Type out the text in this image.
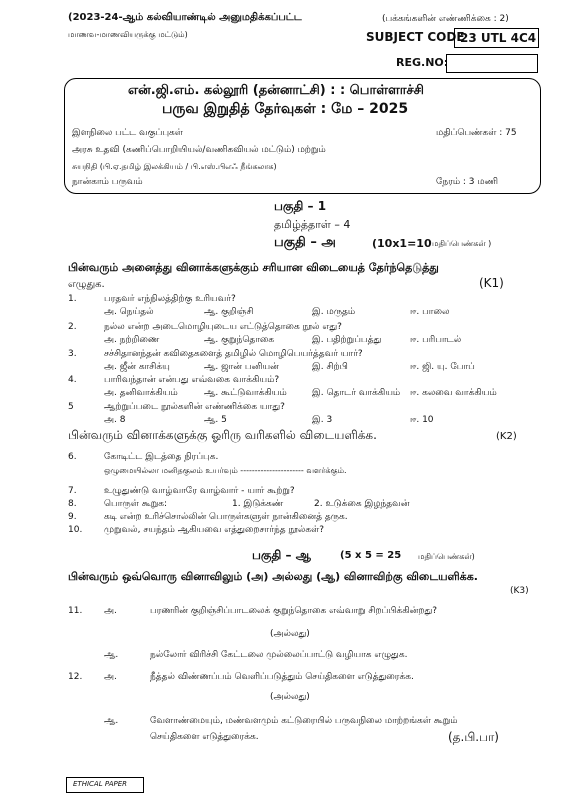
(2023-24-ஆம் கல்வியாண்டில் அனுமதிக்கப்பட்ட
மாணவ-மாணவியருக்கு மட்டும்)
(பக்கங்களின் எண்ணிக்கை : 2)
SUBJECT CODE
23 UTL 4C4
REG.NO:
என்.ஜி.எம். கல்லூரி (தன்னாட்சி) : : பொள்ளாச்சி
பருவ இறுதித் தேர்வுகள் : மே – 2025
இளநிலை பட்ட வகுப்புகள்	மதிப்பெண்கள் : 75
அரசு உதவி (கணிப்பொறியியல்/வணிகவியல் மட்டும்) மற்றும்
சுயநிதி (பி.ஏ.தமிழ் இலக்கியம் / பி.எஸ்.பிஎஃ நீங்கலாக)
நான்காம் பருவம்	நேரம் : 3 மணி
பகுதி – 1
தமிழ்த்தாள் – 4
பகுதி – அ	(10x1=10 மதிப்பெண்கள் )
பின்வரும் அனைத்து வினாக்களுக்கும் சரியான விடையைத் தேர்ந்தெடுத்து
எழுதுக.	(K1)
1.	பரதவர் எந்நிலத்திற்கு உரியவர்?
அ. நெய்தல்	ஆ. குறிஞ்சி	இ. மருதம்	ஈ. பாலை
2.	நல்ல என்ற அடைமொழியுடைய எட்டுத்தொகை நூல் எது?
அ. நற்றிணை	ஆ. குறுந்தொகை	இ. பதிற்றுப்பத்து	ஈ. பரிபாடல்
3.	சச்சிதானந்தன் கவிதைகளைத் தமிழில் மொழிபெயர்த்தவர் யார்?
அ. ஜீன் காசிக்யு	ஆ. ஜான் பனியன்	இ. சிற்பி	ஈ. ஜி. யு. போப்
4.	பாரிவந்தான் என்பது எவ்வகை வாக்கியம்?
அ. தனிவாக்கியம்	ஆ. கூட்டுவாக்கியம்	இ. தொடர் வாக்கியம் ஈ. கலவை வாக்கியம்
5	ஆற்றுப்படை நூல்களின் எண்ணிக்கை யாது?
அ. 8	ஆ. 5	இ. 3	ஈ. 10
பின்வரும் வினாக்களுக்கு ஓரிரு வரிகளில் விடையளிக்க.	(K2)
6.	கோடிட்ட இடத்தை நிரப்புக.
ஒழுமையில்லா மனிதகுலம் உயர்வும் ---------------------- வளர்க்கும்.
7.	உழுதுண்டு வாழ்வாரே வாழ்வார் - யார் கூற்று?
8.	பொருள் கூறுக:	1. இடுக்கண்	2. உடுக்கை இழந்தவன்
9.	கடி என்ற உரிச்சொல்லின் பொருள்களுள் நான்கினைத் தருக.
10. முறுவல், சயந்தம் ஆகியவை எத்துறைசார்ந்த நூல்கள்?
பகுதி – ஆ	(5 x 5 = 25 மதிப்பெண்கள்)
பின்வரும் ஒவ்வொரு வினாவிலும் (அ) அல்லது (ஆ) வினாவிற்கு விடையளிக்க.
(K3)
11. அ.	பரணரின் குறிஞ்சிப்பாடலைக் குறுந்தொகை எவ்வாறு சிறப்பிக்கின்றது?
(அல்லது)
ஆ.	நல்லோர் விரிச்சி கேட்டலை முல்லைப்பாட்டு வழியாக எழுதுக.
12. அ.	நீத்தல் விண்ணப்பம் வெளிப்படுத்தும் செய்திகளை எடுத்துரைக்க.
(அல்லது)
ஆ.	வேளாண்மையும், மண்வளமும் கட்டுரையில் பருவநிலை மாற்றங்கள் கூறும்
செய்திகளை எடுத்துரைக்க.	(த.பி.பா)
ETHICAL PAPER
